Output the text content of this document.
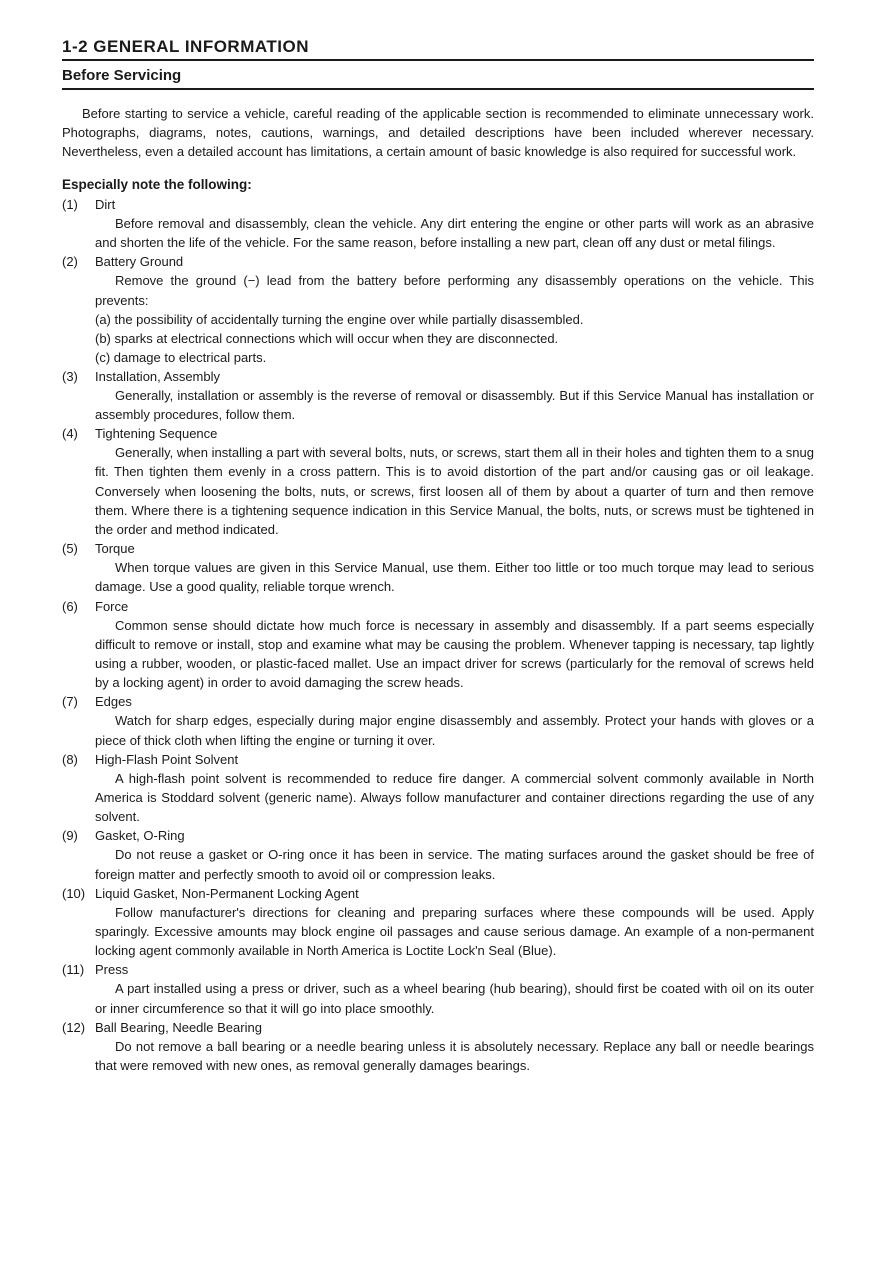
1-2 GENERAL INFORMATION
Before Servicing

Before starting to service a vehicle, careful reading of the applicable section is recommended to eliminate unnecessary work. Photographs, diagrams, notes, cautions, warnings, and detailed descriptions have been included wherever necessary. Nevertheless, even a detailed account has limitations, a certain amount of basic knowledge is also required for successful work.

Especially note the following:
(1)	Dirt

Before removal and disassembly, clean the vehicle. Any dirt entering the engine or other parts will work as an abrasive and shorten the life of the vehicle. For the same reason, before installing a new part, clean off any dust or metal filings.

(2)	Battery Ground

Remove the ground (−) lead from the battery before performing any disassembly operations on the vehicle. This prevents:

(a) the possibility of accidentally turning the engine over while partially disassembled.

(b) sparks at electrical connections which will occur when they are disconnected.

(c) damage to electrical parts.

(3)	Installation, Assembly

Generally, installation or assembly is the reverse of removal or disassembly. But if this Service Manual has installation or assembly procedures, follow them.

(4)	Tightening Sequence

Generally, when installing a part with several bolts, nuts, or screws, start them all in their holes and tighten them to a snug fit. Then tighten them evenly in a cross pattern. This is to avoid distortion of the part and/or causing gas or oil leakage. Conversely when loosening the bolts, nuts, or screws, first loosen all of them by about a quarter of turn and then remove them. Where there is a tightening sequence indication in this Service Manual, the bolts, nuts, or screws must be tightened in the order and method indicated.

(5)	Torque

When torque values are given in this Service Manual, use them. Either too little or too much torque may lead to serious damage. Use a good quality, reliable torque wrench.

(6)	Force

Common sense should dictate how much force is necessary in assembly and disassembly. If a part seems especially difficult to remove or install, stop and examine what may be causing the problem. Whenever tapping is necessary, tap lightly using a rubber, wooden, or plastic-faced mallet. Use an impact driver for screws (particularly for the removal of screws held by a locking agent) in order to avoid damaging the screw heads.

(7)	Edges

Watch for sharp edges, especially during major engine disassembly and assembly. Protect your hands with gloves or a piece of thick cloth when lifting the engine or turning it over.

(8)	High-Flash Point Solvent

A high-flash point solvent is recommended to reduce fire danger. A commercial solvent commonly available in North America is Stoddard solvent (generic name). Always follow manufacturer and container directions regarding the use of any solvent.

(9)	Gasket, O-Ring

Do not reuse a gasket or O-ring once it has been in service. The mating surfaces around the gasket should be free of foreign matter and perfectly smooth to avoid oil or compression leaks.

(10) Liquid Gasket, Non-Permanent Locking Agent

Follow manufacturer's directions for cleaning and preparing surfaces where these compounds will be used. Apply sparingly. Excessive amounts may block engine oil passages and cause serious damage. An example of a non-permanent locking agent commonly available in North America is Loctite Lock'n Seal (Blue).

(11) Press

A part installed using a press or driver, such as a wheel bearing (hub bearing), should first be coated with oil on its outer or inner circumference so that it will go into place smoothly.

(12) Ball Bearing, Needle Bearing

Do not remove a ball bearing or a needle bearing unless it is absolutely necessary. Replace any ball or needle bearings that were removed with new ones, as removal generally damages bearings.
